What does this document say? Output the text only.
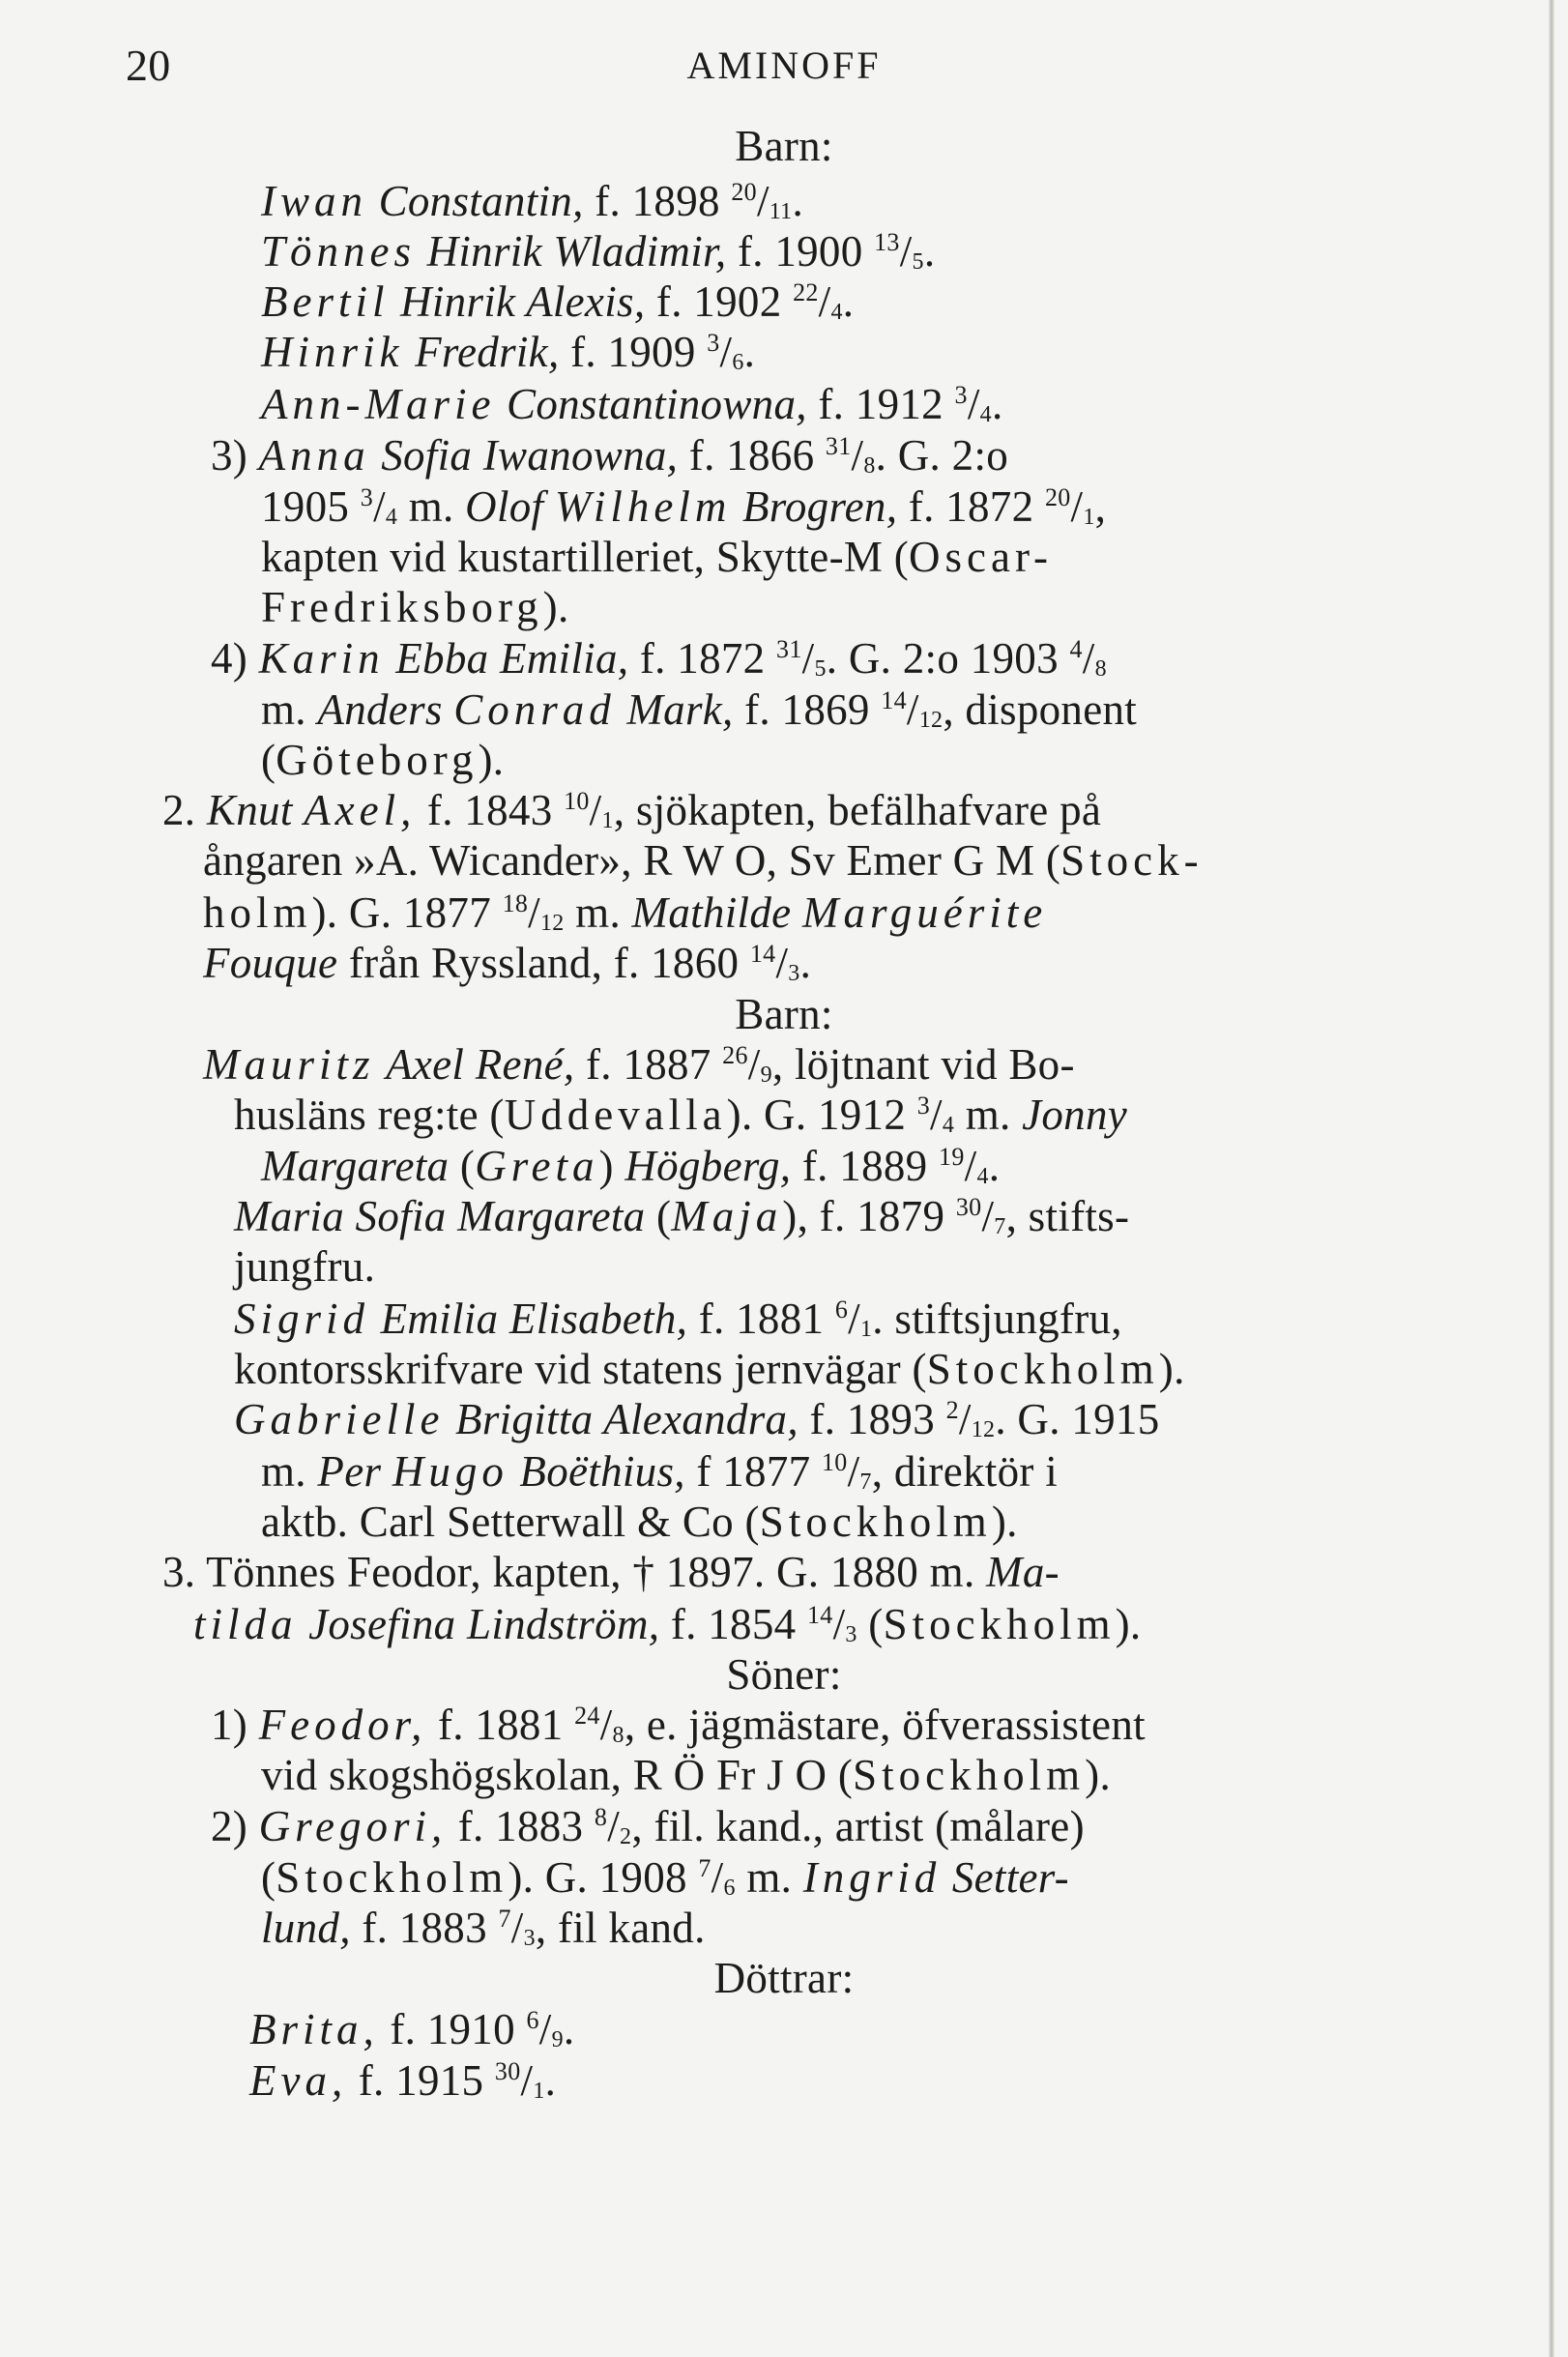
20	AMINOFF
Barn:
Iwan Constantin, f. 1898 $^{20}/_{11}$.
Tönnes Hinrik Wladimir, f. 1900 $^{13}/_5$.
Bertil Hinrik Alexis, f. 1902 $^{22}/_4$.
Hinrik Fredrik, f. 1909 $^3/_6$.
Ann-Marie Constantinowna, f. 1912 $^3/_4$.
3) Anna Sofia Iwanowna, f. 1866 $^{31}/_8$. G. 2:o
1905 $^3/_4$ m. Olof Wilhelm Brogren, f. 1872 $^{20}/_1$,
kapten vid kustartilleriet, Skytte-M (Oscar-
Fredriksborg).
4) Karin Ebba Emilia, f. 1872 $^{31}/_5$. G. 2:o 1903 $^4/_8$
m. Anders Conrad Mark, f. 1869 $^{14}/_{12}$, disponent
(Göteborg).
2. Knut Axel, f. 1843 $^{10}/_1$, sjökapten, befälhafvare på
ångaren »A. Wicander», R W O, Sv Emer G M (Stock-
holm). G. 1877 $^{18}/_{12}$ m. Mathilde Marguérite
Fouque från Ryssland, f. 1860 $^{14}/_3$.
Barn:
Mauritz Axel René, f. 1887 $^{26}/_9$, löjtnant vid Bo-
husläns reg:te (Uddevalla). G. 1912 $^3/_4$ m. Jonny
Margareta (Greta) Högberg, f. 1889 $^{19}/_4$.
Maria Sofia Margareta (Maja), f. 1879 $^{30}/_7$, stifts-
jungfru.
Sigrid Emilia Elisabeth, f. 1881 $^6/_1$. stiftsjungfru,
kontorsskrifvare vid statens jernvägar (Stockholm).
Gabrielle Brigitta Alexandra, f. 1893 $^2/_{12}$. G. 1915
m. Per Hugo Boëthius, f 1877 $^{10}/_7$, direktör i
aktb. Carl Setterwall & Co (Stockholm).
3. Tönnes Feodor, kapten, † 1897. G. 1880 m. Ma-
tilda Josefina Lindström, f. 1854 $^{14}/_3$ (Stockholm).
Söner:
1) Feodor, f. 1881 $^{24}/_8$, e. jägmästare, öfverassistent
vid skogshögskolan, R Ö Fr J O (Stockholm).
2) Gregori, f. 1883 $^8/_2$, fil. kand., artist (målare)
(Stockholm). G. 1908 $^7/_6$ m. Ingrid Setter-
lund, f. 1883 $^7/_3$, fil kand.
Döttrar:
Brita, f. 1910 $^6/_9$.
Eva, f. 1915 $^{30}/_1$.
